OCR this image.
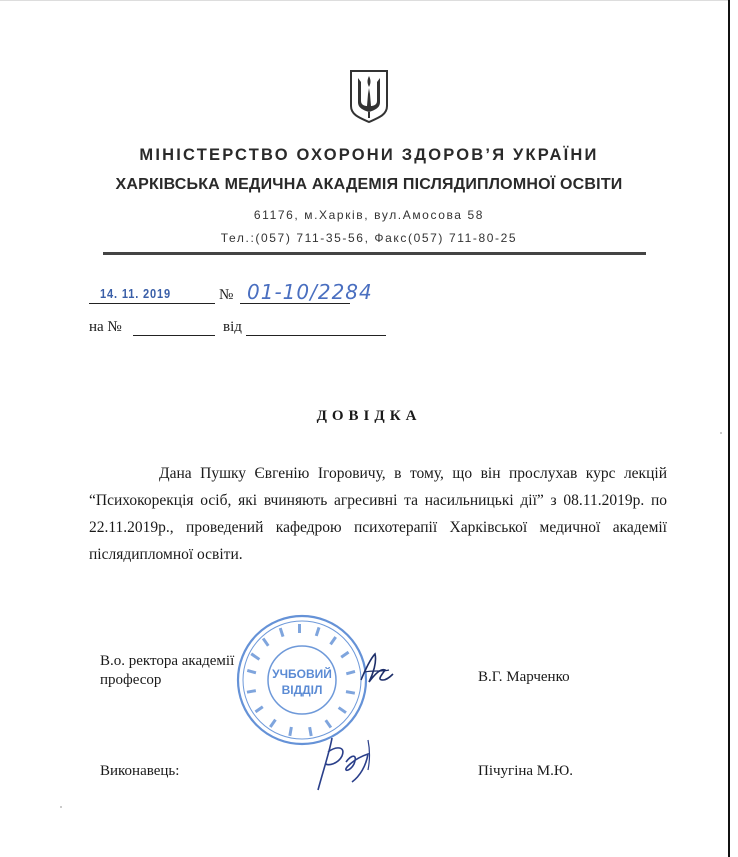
МІНІСТЕРСТВО ОХОРОНИ ЗДОРОВ’Я УКРАЇНИ
ХАРКІВСЬКА МЕДИЧНА АКАДЕМІЯ ПІСЛЯДИПЛОМНОЇ ОСВІТИ
61176, м.Харків, вул.Амосова 58
Тел.:(057) 711-35-56, Факс(057) 711-80-25
14. 11. 2019	№ 01-10/2284
на №	від
ДОВІДКА

Дана Пушку Євгенію Ігоровичу, в тому, що він прослухав курс лекцій “Психокорекція осіб, які вчиняють агресивні та насильницькі дії” з 08.11.2019р. по 22.11.2019р., проведений кафедрою психотерапії Харківської медичної академії післядипломної освіти.

В.о. ректора академії
професор	В.Г. Марченко
Виконавець:	Пічугіна М.Ю.
УЧБОВИЙ
ВІДДІЛ
